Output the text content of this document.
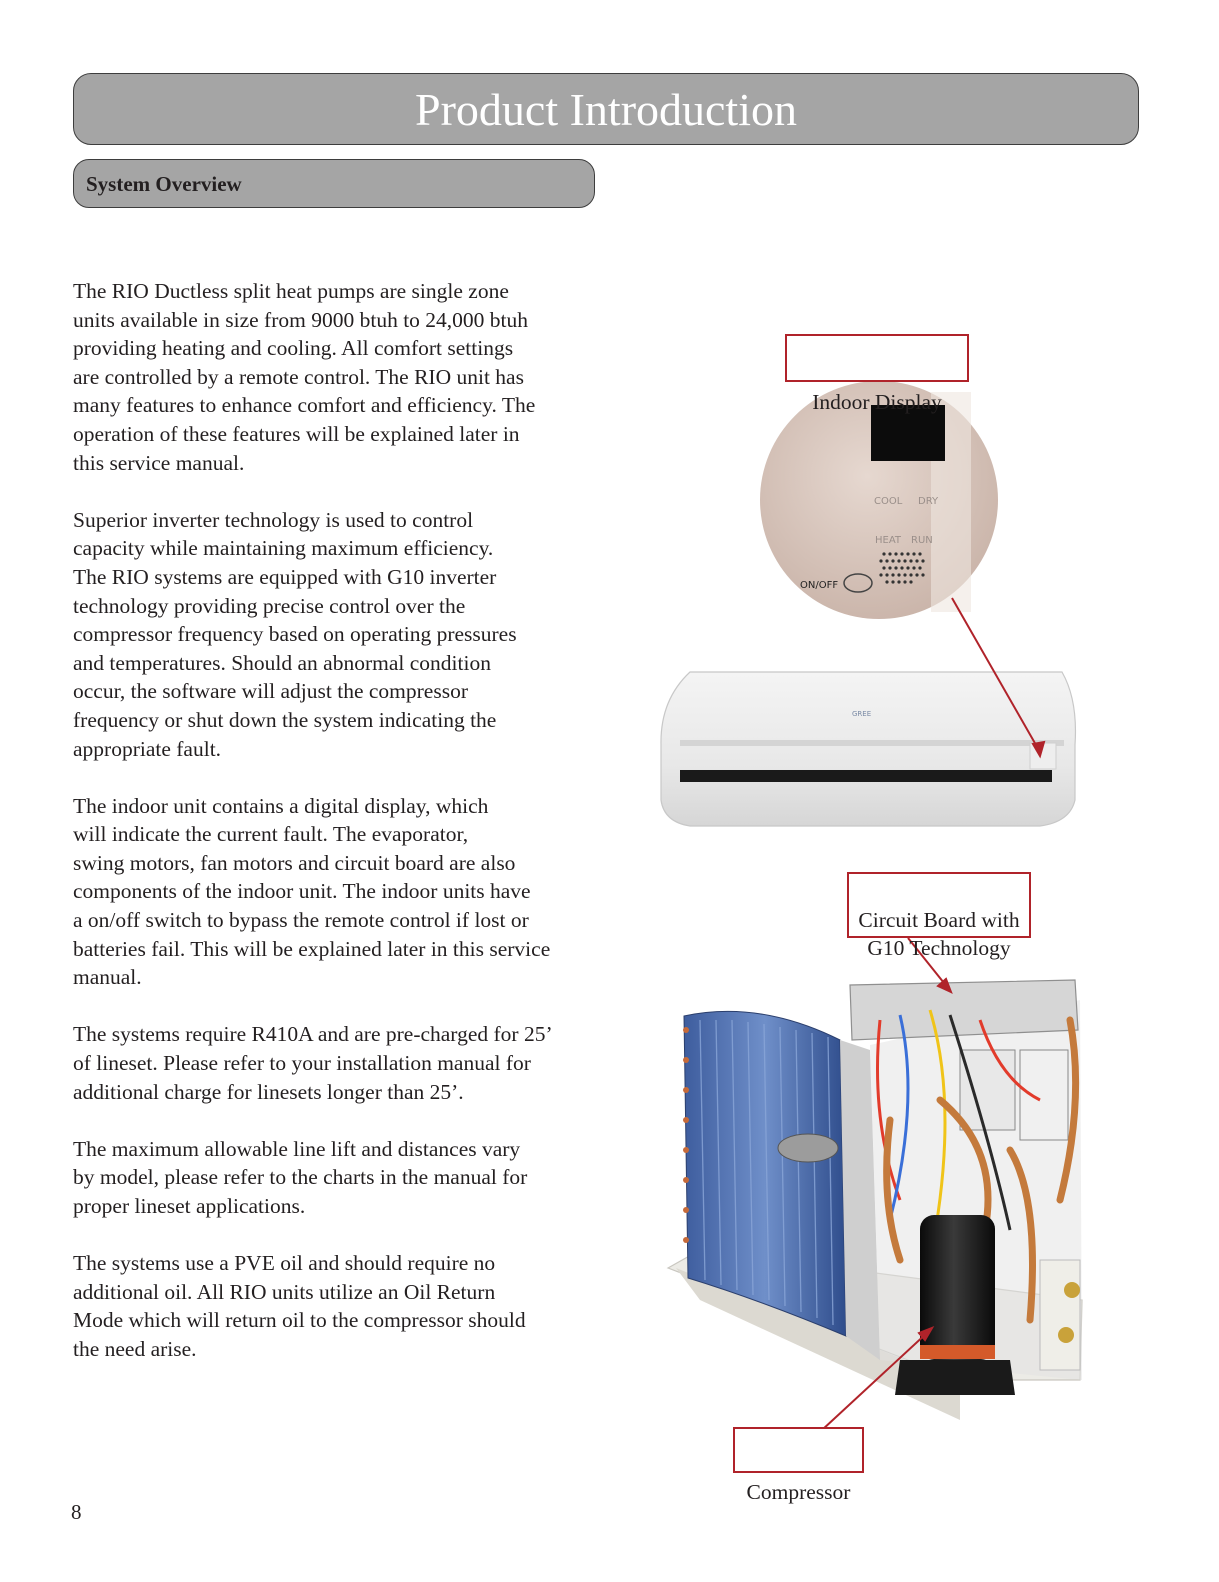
Product Introduction
System Overview

The RIO Ductless split heat pumps are single zone
units available in size from 9000 btuh to 24,000 btuh
providing heating and cooling. All comfort settings
are controlled by a remote control. The RIO unit has
many features to enhance comfort and efficiency. The
operation of these features will be explained later in
this service manual.

Superior inverter technology is used to control
capacity while maintaining maximum efficiency.
The RIO systems are equipped with G10 inverter
technology providing precise control over the
compressor frequency based on operating pressures
and temperatures. Should an abnormal condition
occur, the software will adjust the compressor
frequency or shut down the system indicating the
appropriate fault.

The indoor unit contains a digital display, which
will indicate the current fault. The evaporator,
swing motors, fan motors and circuit board are also
components of the indoor unit. The indoor units have
a on/off switch to bypass the remote control if lost or
batteries fail. This will be explained later in this service
manual.

The systems require R410A and are pre-charged for 25’
of lineset. Please refer to your installation manual for
additional charge for linesets longer than 25’.

The maximum allowable line lift and distances vary
by model, please refer to the charts in the manual for
proper lineset applications.

The systems use a PVE oil and should require no
additional oil. All RIO units utilize an Oil Return
Mode which will return oil to the compressor should
the need arise.

COOL DRY
HEAT RUN
ON/OFF
GREE

Indoor Display

Circuit Board with
G10 Technology

Compressor

8
